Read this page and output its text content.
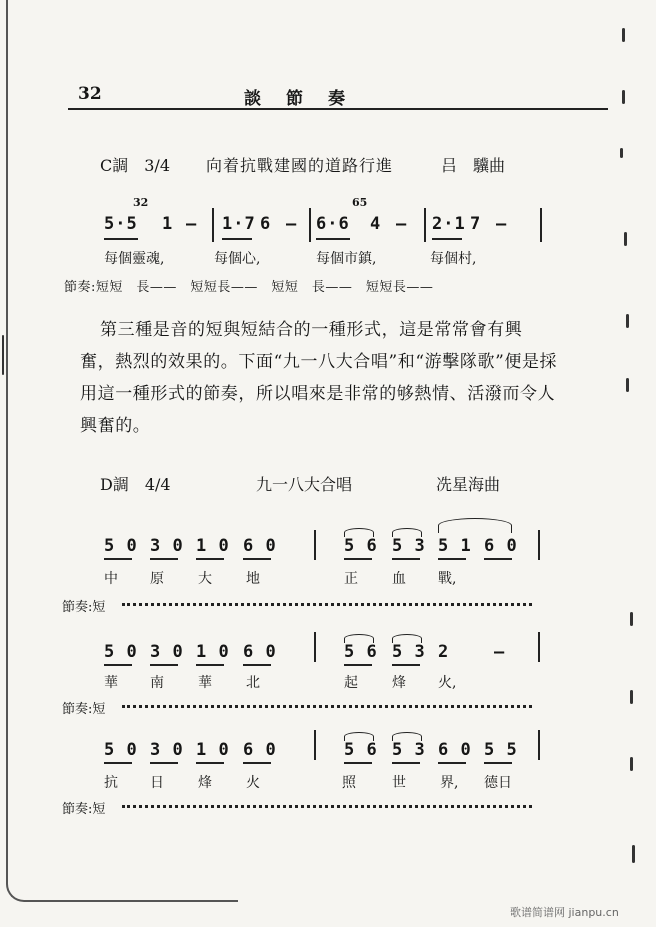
32	談　節　奏
C調　3/4 向着抗戰建國的道路行進	吕　驥曲
32	65
5·5 1 — 1·7 6 — 6·6 4 — 2·1 7 —
每個靈魂,	每個心,	每個市鎮,	每個村,
節奏:短短　長——　短短長——　短短　長——　短短長——
第三種是音的短與短結合的一種形式，這是常常會有興
奮，熱烈的效果的。下面“九一八大合唱”和“游擊隊歌”便是採
用這一種形式的節奏，所以唱來是非常的够熱情、活潑而令人
興奮的。
D調　4/4	九一八大合唱	冼星海曲
5 0 3 0 1 0 6 0	5 6 5 3 5 1 6 0
中 原 大 地	正 血 戰,
節奏:短
5 0 3 0 1 0 6 0	5 6 5 3 2	—
華 南 華 北	起 烽 火,
節奏:短
5 0 3 0 1 0 6 0	5 6 5 3 6 0 5 5
抗 日 烽 火	照	世 界, 德日
節奏:短
歌谱简谱网 jianpu.cn
